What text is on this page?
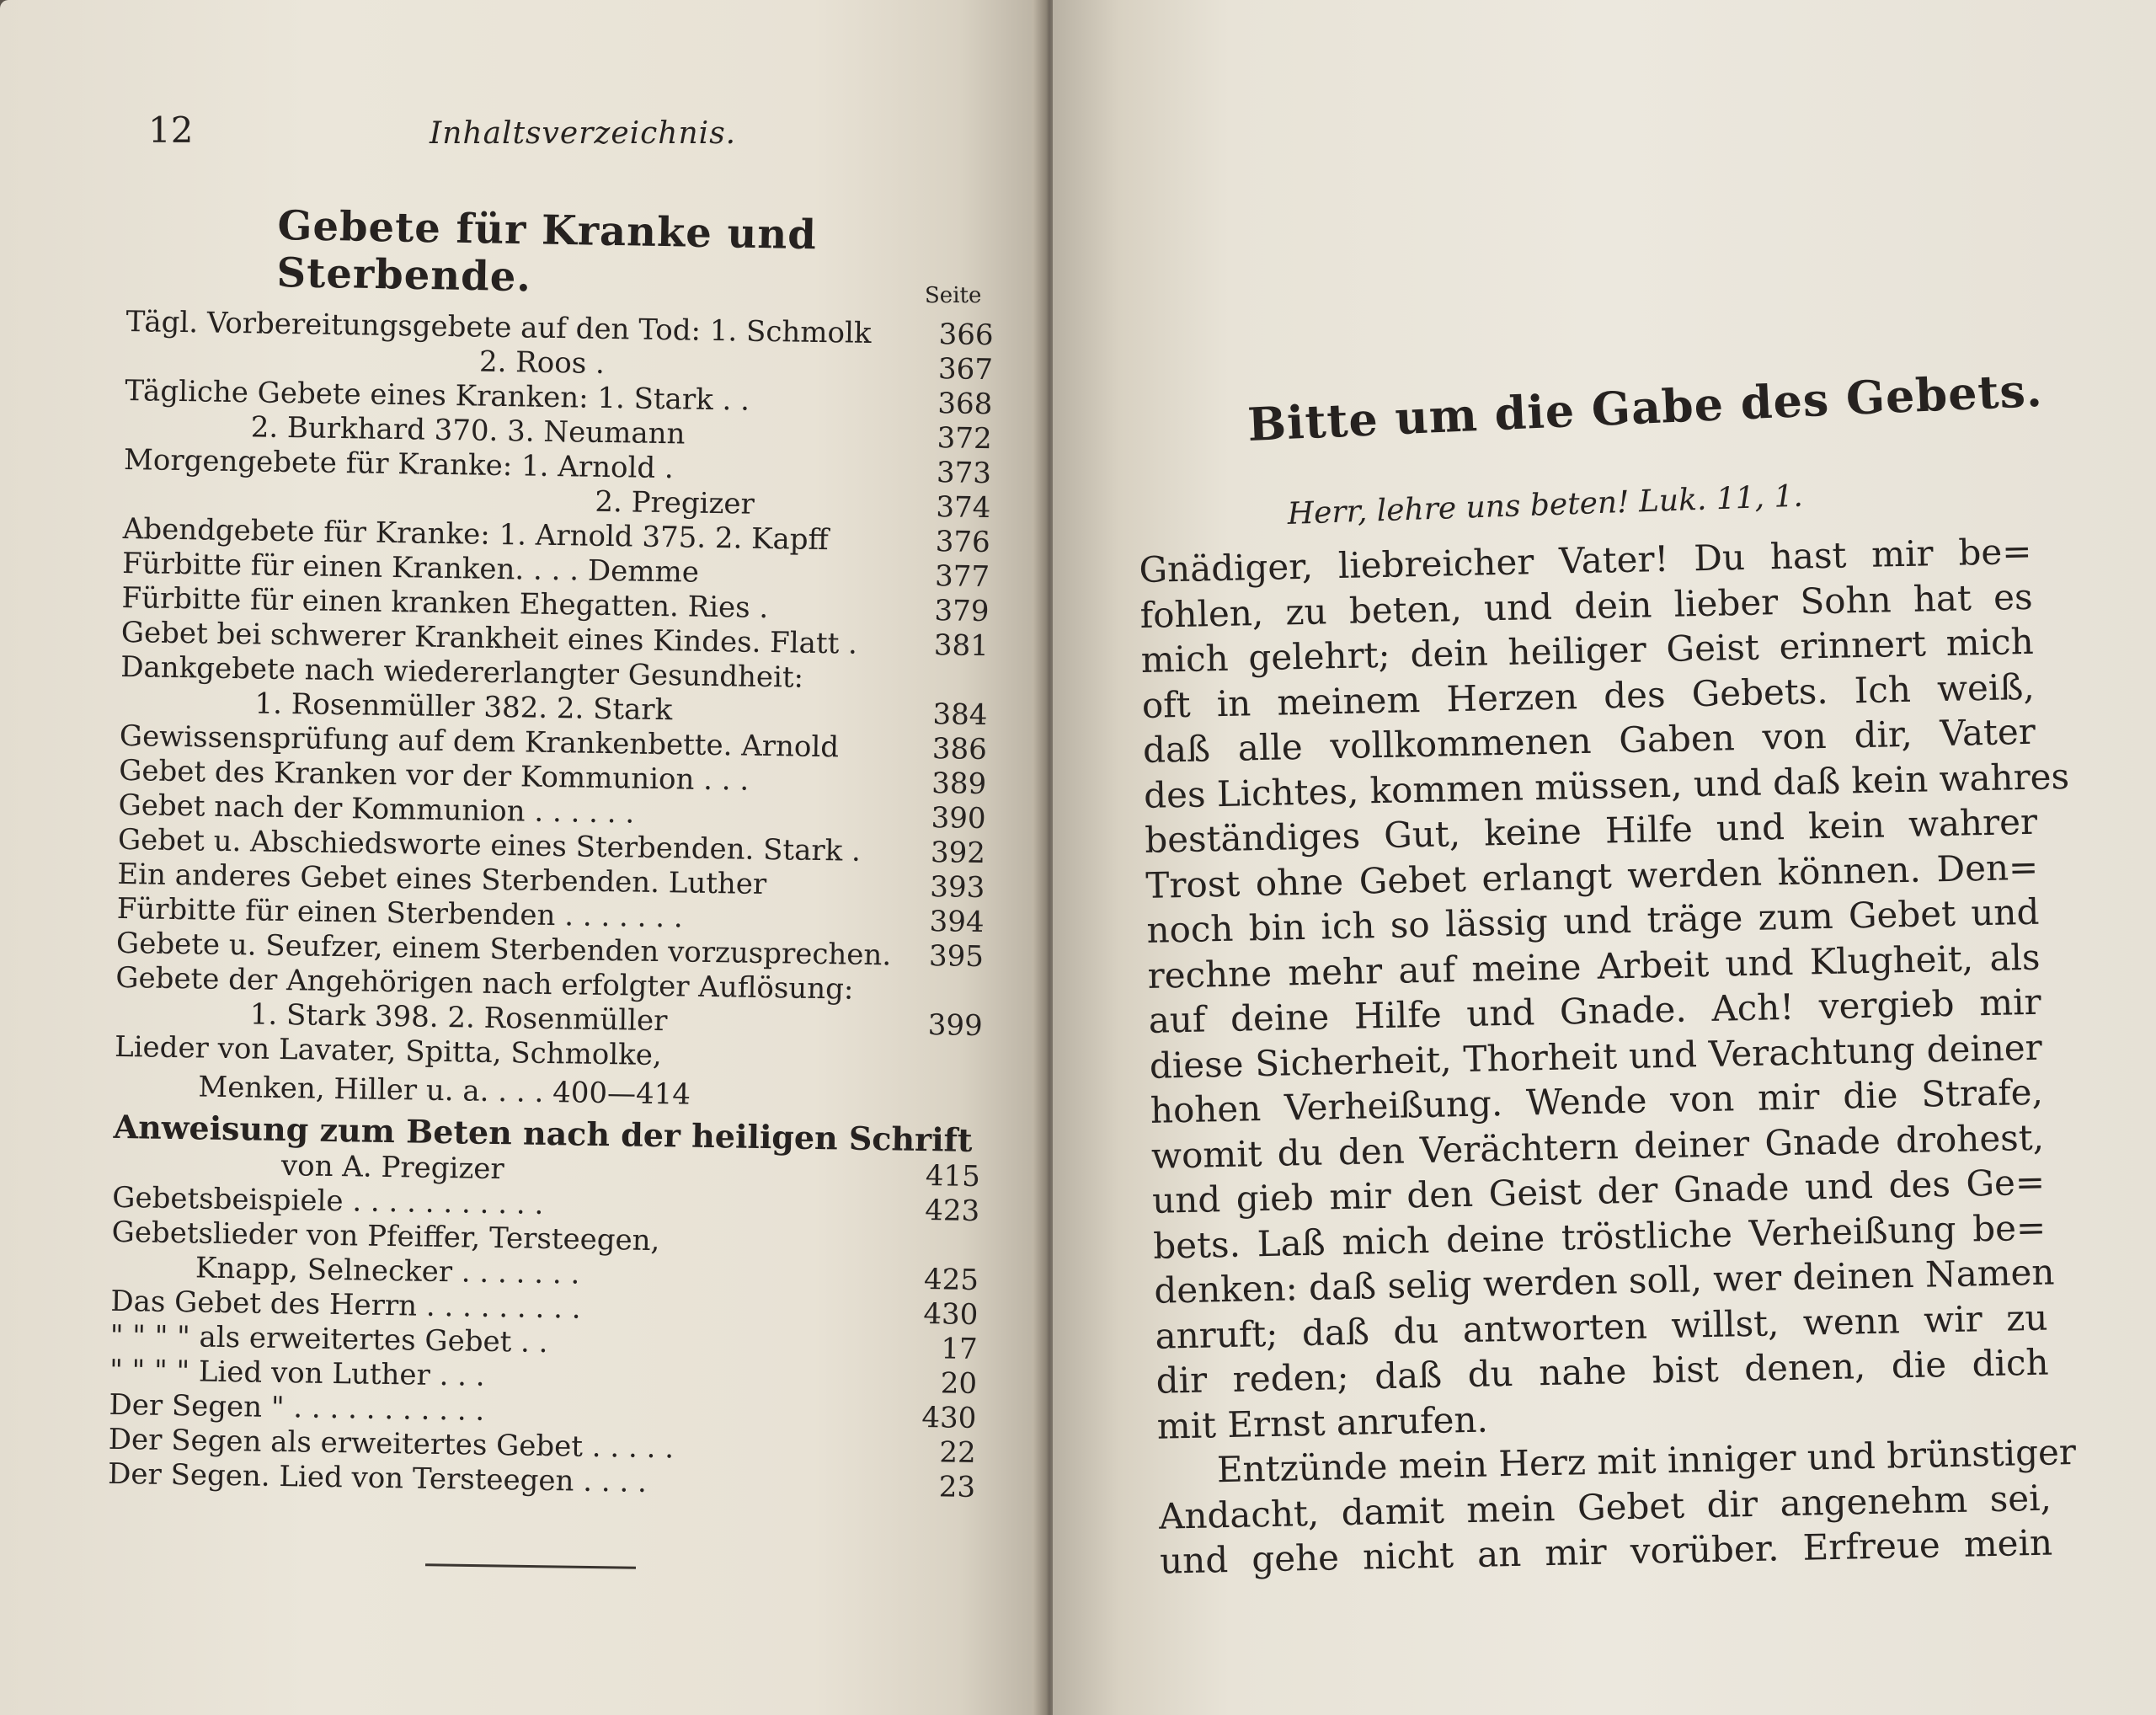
12	Inhaltsverzeichnis.
Gebete für Kranke und Sterbende.	Seite
Tägl. Vorbereitungsgebete auf den Tod: 1. Schmolk 366
2. Roos .	367
Tägliche Gebete eines Kranken: 1. Stark . .	368
2. Burkhard 370. 3. Neumann	372
Morgengebete für Kranke: 1. Arnold .	373
2. Pregizer	374
Abendgebete für Kranke: 1. Arnold 375. 2. Kapff	376
Fürbitte für einen Kranken. . . . Demme	377
Fürbitte für einen kranken Ehegatten. Ries .	379
Gebet bei schwerer Krankheit eines Kindes. Flatt .	381
Dankgebete nach wiedererlangter Gesundheit:
1. Rosenmüller 382. 2. Stark	384
Gewissensprüfung auf dem Krankenbette. Arnold	386
Gebet des Kranken vor der Kommunion . . .	389
Gebet nach der Kommunion . . . . . .	390
Gebet u. Abschiedsworte eines Sterbenden. Stark . 392
Ein anderes Gebet eines Sterbenden. Luther	393
Fürbitte für einen Sterbenden . . . . . . .	394
Gebete u. Seufzer, einem Sterbenden vorzusprechen. 395
Gebete der Angehörigen nach erfolgter Auflösung:
1. Stark 398. 2. Rosenmüller	399
Lieder von Lavater, Spitta, Schmolke,
Menken, Hiller u. a. . . . 400—414
Anweisung zum Beten nach der heiligen Schrift
von A. Pregizer	415
Gebetsbeispiele . . . . . . . . . . .	423
Gebetslieder von Pfeiffer, Tersteegen,
Knapp, Selnecker . . . . . . .	425
Das Gebet des Herrn . . . . . . . . .	430
" " " " als erweitertes Gebet . .	17
" " " " Lied von Luther . . .	20
Der Segen " . . . . . . . . . . .	430
Der Segen als erweitertes Gebet . . . . .	22
Der Segen. Lied von Tersteegen . . . .	23
Bitte um die Gabe des Gebets.
Herr, lehre uns beten! Luk. 11, 1.
Gnädiger, liebreicher Vater! Du hast mir be=
fohlen, zu beten, und dein lieber Sohn hat es
mich gelehrt; dein heiliger Geist erinnert mich
oft in meinem Herzen des Gebets. Ich weiß,
daß alle vollkommenen Gaben von dir, Vater
des Lichtes, kommen müssen, und daß kein wahres
beständiges Gut, keine Hilfe und kein wahrer
Trost ohne Gebet erlangt werden können. Den=
noch bin ich so lässig und träge zum Gebet und
rechne mehr auf meine Arbeit und Klugheit, als
auf deine Hilfe und Gnade. Ach! vergieb mir
diese Sicherheit, Thorheit und Verachtung deiner
hohen Verheißung. Wende von mir die Strafe,
womit du den Verächtern deiner Gnade drohest,
und gieb mir den Geist der Gnade und des Ge=
bets. Laß mich deine tröstliche Verheißung be=
denken: daß selig werden soll, wer deinen Namen
anruft; daß du antworten willst, wenn wir zu
dir reden; daß du nahe bist denen, die dich
mit Ernst anrufen.
Entzünde mein Herz mit inniger und brünstiger
Andacht, damit mein Gebet dir angenehm sei,
und gehe nicht an mir vorüber. Erfreue mein
